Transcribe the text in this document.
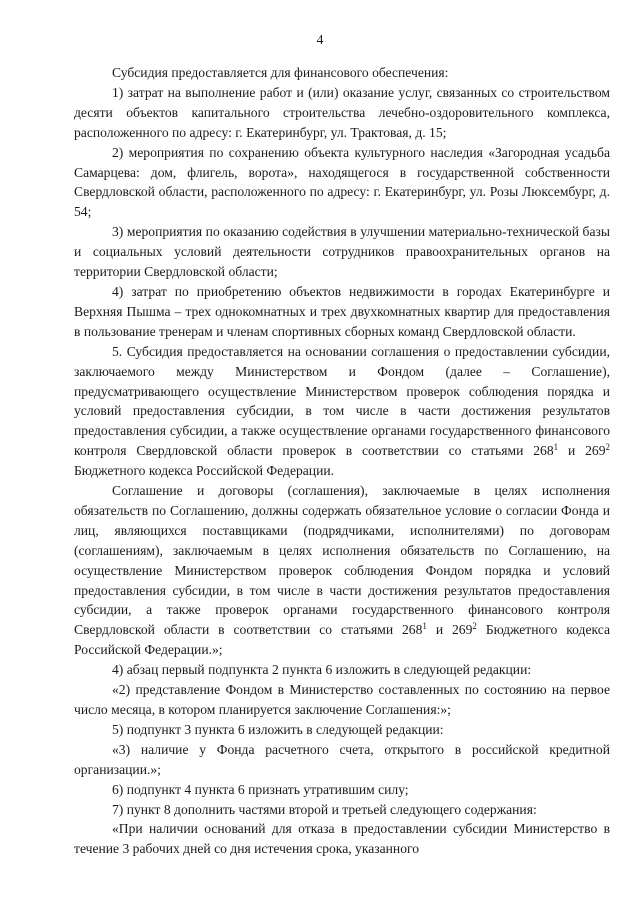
4

Субсидия предоставляется для финансового обеспечения:

1) затрат на выполнение работ и (или) оказание услуг, связанных со строительством десяти объектов капитального строительства лечебно-оздоровительного комплекса, расположенного по адресу: г. Екатеринбург, ул. Трактовая, д. 15;

2) мероприятия по сохранению объекта культурного наследия «Загородная усадьба Самарцева: дом, флигель, ворота», находящегося в государственной собственности Свердловской области, расположенного по адресу: г. Екатеринбург, ул. Розы Люксембург, д. 54;

3) мероприятия по оказанию содействия в улучшении материально-технической базы и социальных условий деятельности сотрудников правоохранительных органов на территории Свердловской области;

4) затрат по приобретению объектов недвижимости в городах Екатеринбурге и Верхняя Пышма – трех однокомнатных и трех двухкомнатных квартир для предоставления в пользование тренерам и членам спортивных сборных команд Свердловской области.

5. Субсидия предоставляется на основании соглашения о предоставлении субсидии, заключаемого между Министерством и Фондом (далее – Соглашение), предусматривающего осуществление Министерством проверок соблюдения порядка и условий предоставления субсидии, в том числе в части достижения результатов предоставления субсидии, а также осуществление органами государственного финансового контроля Свердловской области проверок в соответствии со статьями $268^1$ и $269^2$ Бюджетного кодекса Российской Федерации.

Соглашение и договоры (соглашения), заключаемые в целях исполнения обязательств по Соглашению, должны содержать обязательное условие о согласии Фонда и лиц, являющихся поставщиками (подрядчиками, исполнителями) по договорам (соглашениям), заключаемым в целях исполнения обязательств по Соглашению, на осуществление Министерством проверок соблюдения Фондом порядка и условий предоставления субсидии, в том числе в части достижения результатов предоставления субсидии, а также проверок органами государственного финансового контроля Свердловской области в соответствии со статьями $268^1$ и $269^2$ Бюджетного кодекса Российской Федерации.»;

4) абзац первый подпункта 2 пункта 6 изложить в следующей редакции:

«2) представление Фондом в Министерство составленных по состоянию на первое число месяца, в котором планируется заключение Соглашения:»;

5) подпункт 3 пункта 6 изложить в следующей редакции:

«3) наличие у Фонда расчетного счета, открытого в российской кредитной организации.»;

6) подпункт 4 пункта 6 признать утратившим силу;

7) пункт 8 дополнить частями второй и третьей следующего содержания:

«При наличии оснований для отказа в предоставлении субсидии Министерство в течение 3 рабочих дней со дня истечения срока, указанного
